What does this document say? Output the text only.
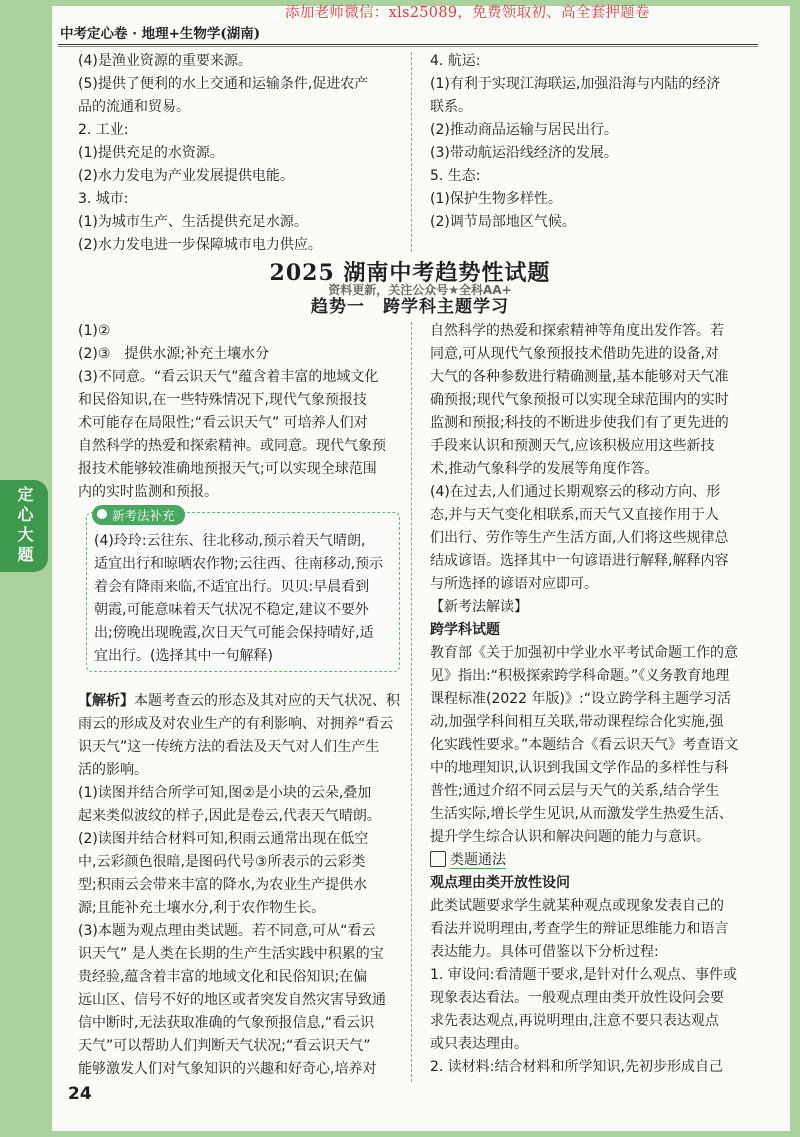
添加老师微信：xls25089，免费领取初、高全套押题卷
中考定心卷 · 地理+生物学(湖南)

(4)是渔业资源的重要来源。

(5)提供了便利的水上交通和运输条件,促进农产

品的流通和贸易。

2. 工业:

(1)提供充足的水资源。

(2)水力发电为产业发展提供电能。

3. 城市:

(1)为城市生产、生活提供充足水源。

(2)水力发电进一步保障城市电力供应。

4. 航运:

(1)有利于实现江海联运,加强沿海与内陆的经济

联系。

(2)推动商品运输与居民出行。

(3)带动航运沿线经济的发展。

5. 生态:

(1)保护生物多样性。

(2)调节局部地区气候。

2025 湖南中考趋势性试题
资料更新，关注公众号★全科AA+
趋势一　跨学科主题学习

(1)②

(2)③　提供水源;补充土壤水分

(3)不同意。“看云识天气”蕴含着丰富的地域文化

和民俗知识,在一些特殊情况下,现代气象预报技

术可能存在局限性;“看云识天气” 可培养人们对

自然科学的热爱和探索精神。或同意。现代气象预

报技术能够较准确地预报天气;可以实现全球范围

内的实时监测和预报。

【解析】本题考查云的形态及其对应的天气状况、积

雨云的形成及对农业生产的有利影响、对拥养“看云

识天气”这一传统方法的看法及天气对人们生产生

活的影响。

(1)读图并结合所学可知,图②是小块的云朵,叠加

起来类似波纹的样子,因此是卷云,代表天气晴朗。

(2)读图并结合材料可知,积雨云通常出现在低空

中,云彩颜色很暗,是图码代号③所表示的云彩类

型;积雨云会带来丰富的降水,为农业生产提供水

源;且能补充土壤水分,利于农作物生长。

(3)本题为观点理由类试题。若不同意,可从“看云

识天气” 是人类在长期的生产生活实践中积累的宝

贵经验,蕴含着丰富的地域文化和民俗知识;在偏

远山区、信号不好的地区或者突发自然灾害导致通

信中断时,无法获取准确的气象预报信息,“看云识

天气”可以帮助人们判断天气状况;“看云识天气”

能够激发人们对气象知识的兴趣和好奇心,培养对

新考法补充

(4)玲玲:云往东、往北移动,预示着天气晴朗,

适宜出行和晾晒农作物;云往西、往南移动,预示

着会有降雨来临,不适宜出行。贝贝:早晨看到

朝霞,可能意味着天气状况不稳定,建议不要外

出;傍晚出现晚霞,次日天气可能会保持晴好,适

宜出行。(选择其中一句解释)

自然科学的热爱和探索精神等角度出发作答。若

同意,可从现代气象预报技术借助先进的设备,对

大气的各种参数进行精确测量,基本能够对天气准

确预报;现代气象预报可以实现全球范围内的实时

监测和预报;科技的不断进步使我们有了更先进的

手段来认识和预测天气,应该积极应用这些新技

术,推动气象科学的发展等角度作答。

(4)在过去,人们通过长期观察云的移动方向、形

态,并与天气变化相联系,而天气又直接作用于人

们出行、劳作等生产生活方面,人们将这些规律总

结成谚语。选择其中一句谚语进行解释,解释内容

与所选择的谚语对应即可。

【新考法解读】

跨学科试题

教育部《关于加强初中学业水平考试命题工作的意

见》指出:“积极探索跨学科命题。”《义务教育地理

课程标准(2022 年版)》:“设立跨学科主题学习活

动,加强学科间相互关联,带动课程综合化实施,强

化实践性要求。”本题结合《看云识天气》考查语文

中的地理知识,认识到我国文学作品的多样性与科

普性;通过介绍不同云层与天气的关系,结合学生

生活实际,增长学生见识,从而激发学生热爱生活、

提升学生综合认识和解决问题的能力与意识。

类题通法

观点理由类开放性设问

此类试题要求学生就某种观点或现象发表自己的

看法并说明理由,考查学生的辩证思维能力和语言

表达能力。具体可借鉴以下分析过程:

1. 审设问:看清题干要求,是针对什么观点、事件或

现象表达看法。一般观点理由类开放性设问会要

求先表达观点,再说明理由,注意不要只表达观点

或只表达理由。

2. 读材料:结合材料和所学知识,先初步形成自己

定心大题
24
